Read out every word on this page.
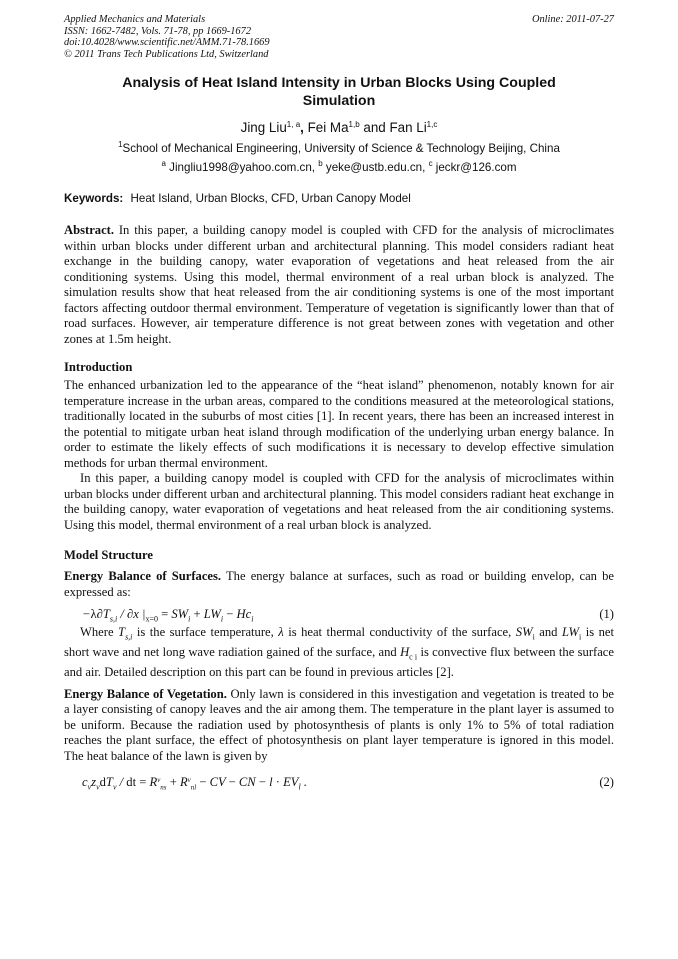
Applied Mechanics and Materials
ISSN: 1662-7482, Vols. 71-78, pp 1669-1672
doi:10.4028/www.scientific.net/AMM.71-78.1669
© 2011 Trans Tech Publications Ltd, Switzerland
Online: 2011-07-27
Analysis of Heat Island Intensity in Urban Blocks Using Coupled Simulation
Jing Liu$^{1, a}$, Fei Ma$^{1,b}$ and Fan Li$^{1,c}$
$^1$School of Mechanical Engineering, University of Science & Technology Beijing, China
$^a$ Jingliu1998@yahoo.com.cn, $^b$ yeke@ustb.edu.cn, $^c$ jeckr@126.com
Keywords: Heat Island, Urban Blocks, CFD, Urban Canopy Model

Abstract. In this paper, a building canopy model is coupled with CFD for the analysis of microclimates within urban blocks under different urban and architectural planning. This model considers radiant heat exchange in the building canopy, water evaporation of vegetations and heat released from the air conditioning systems. Using this model, thermal environment of a real urban block is analyzed. The simulation results show that heat released from the air conditioning systems is one of the most important factors affecting outdoor thermal environment. Temperature of vegetation is significantly lower than that of road surfaces. However, air temperature difference is not great between zones with vegetation and other zones at 1.5m height.

Introduction

The enhanced urbanization led to the appearance of the “heat island” phenomenon, notably known for air temperature increase in the urban areas, compared to the conditions measured at the meteorological stations, traditionally located in the suburbs of most cities [1]. In recent years, there has been an increased interest in the potential to mitigate urban heat island through modification of the underlying urban energy balance. In order to estimate the likely effects of such modifications it is necessary to develop effective simulation methods for urban thermal environment.

In this paper, a building canopy model is coupled with CFD for the analysis of microclimates within urban blocks under different urban and architectural planning. This model considers radiant heat exchange in the building canopy, water evaporation of vegetations and heat released from the air conditioning systems. Using this model, thermal environment of a real urban block is analyzed.

Model Structure

Energy Balance of Surfaces. The energy balance at surfaces, such as road or building envelop, can be expressed as:

$-\lambda\partial T_{s,i} / \partial x$ $|_{x=0} = SW_i + LW_i - Hc_i$	(1)

Where $T_{s,i}$ is the surface temperature, λ is heat thermal conductivity of the surface, $SW_i$ and $LW_i$ is net short wave and net long wave radiation gained of the surface, and $H_{c i}$ is convective flux between the surface and air. Detailed description on this part can be found in previous articles [2].

Energy Balance of Vegetation. Only lawn is considered in this investigation and vegetation is treated to be a layer consisting of canopy leaves and the air among them. The temperature in the plant layer is assumed to be uniform. Because the radiation used by photosynthesis of plants is only 1% to 5% of total radiation reaches the plant surface, the effect of photosynthesis on plant layer temperature is ignored in this model. The heat balance of the lawn is given by

$c_vz_vdT_v$ / dt = $R^v_{ns} + R^v_{nl}$ − CV − CN − $l \cdot EV_l$ .	(2)
